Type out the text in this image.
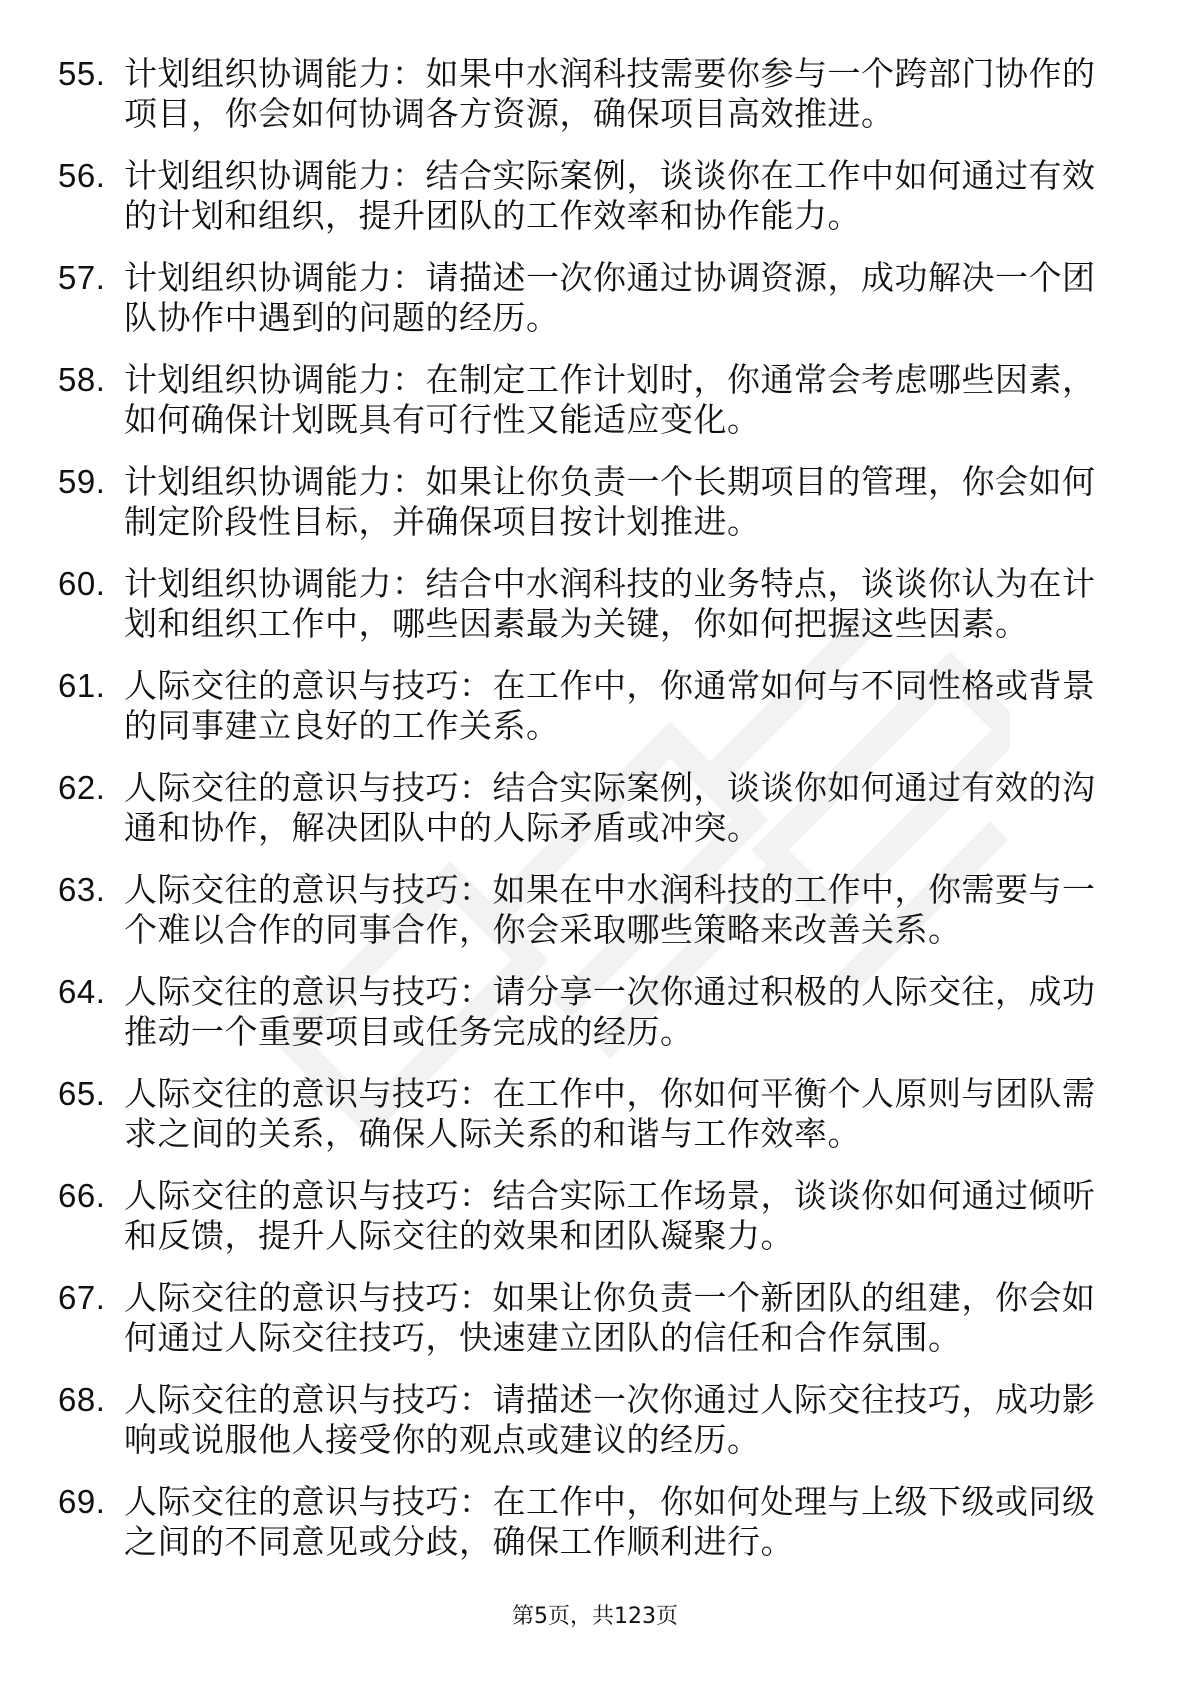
55. 计划组织协调能力：如果中水润科技需要你参与一个跨部门协作的项目，你会如何协调各方资源，确保项目高效推进。
56. 计划组织协调能力：结合实际案例，谈谈你在工作中如何通过有效的计划和组织，提升团队的工作效率和协作能力。
57. 计划组织协调能力：请描述一次你通过协调资源，成功解决一个团队协作中遇到的问题的经历。
58. 计划组织协调能力：在制定工作计划时，你通常会考虑哪些因素，如何确保计划既具有可行性又能适应变化。
59. 计划组织协调能力：如果让你负责一个长期项目的管理，你会如何制定阶段性目标，并确保项目按计划推进。
60. 计划组织协调能力：结合中水润科技的业务特点，谈谈你认为在计划和组织工作中，哪些因素最为关键，你如何把握这些因素。
61. 人际交往的意识与技巧：在工作中，你通常如何与不同性格或背景的同事建立良好的工作关系。
62. 人际交往的意识与技巧：结合实际案例，谈谈你如何通过有效的沟通和协作，解决团队中的人际矛盾或冲突。
63. 人际交往的意识与技巧：如果在中水润科技的工作中，你需要与一个难以合作的同事合作，你会采取哪些策略来改善关系。
64. 人际交往的意识与技巧：请分享一次你通过积极的人际交往，成功推动一个重要项目或任务完成的经历。
65. 人际交往的意识与技巧：在工作中，你如何平衡个人原则与团队需求之间的关系，确保人际关系的和谐与工作效率。
66. 人际交往的意识与技巧：结合实际工作场景，谈谈你如何通过倾听和反馈，提升人际交往的效果和团队凝聚力。
67. 人际交往的意识与技巧：如果让你负责一个新团队的组建，你会如何通过人际交往技巧，快速建立团队的信任和合作氛围。
68. 人际交往的意识与技巧：请描述一次你通过人际交往技巧，成功影响或说服他人接受你的观点或建议的经历。
69. 人际交往的意识与技巧：在工作中，你如何处理与上级下级或同级之间的不同意见或分歧，确保工作顺利进行。
第5页，共123页
